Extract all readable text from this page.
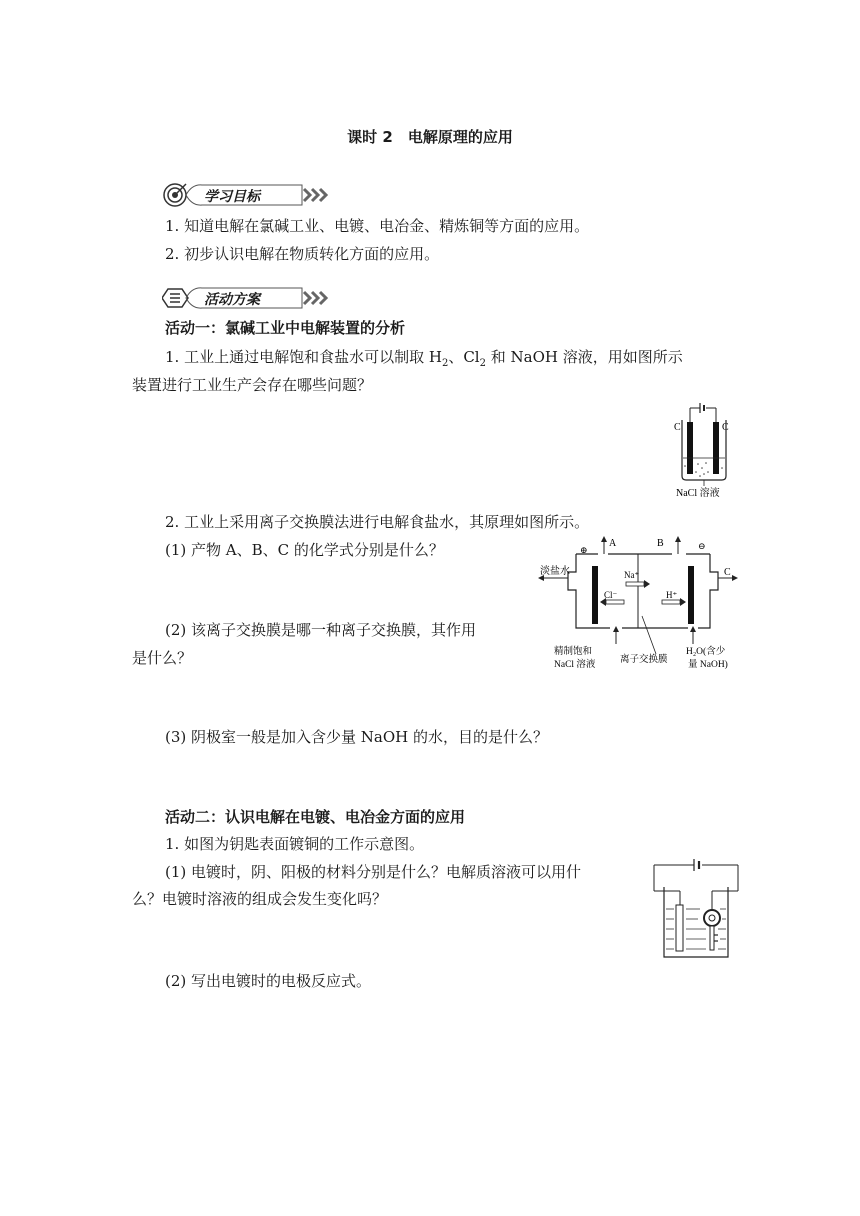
课时 2　电解原理的应用
学习目标
1. 知道电解在氯碱工业、电镀、电冶金、精炼铜等方面的应用。
2. 初步认识电解在物质转化方面的应用。
活动方案
活动一：氯碱工业中电解装置的分析
1. 工业上通过电解饱和食盐水可以制取 $H_2$、$Cl_2$ 和 NaOH 溶液，用如图所示
装置进行工业生产会存在哪些问题？
C	C
NaCl 溶液
2. 工业上采用离子交换膜法进行电解食盐水，其原理如图所示。
(1) 产物 A、B、C 的化学式分别是什么？	⊕	⊖
A	B
C
淡盐水	Na⁺
Cl⁻	H⁺
精制饱和
NaCl 溶液	离子交换膜
H₂O(含少
量 NaOH)
(2) 该离子交换膜是哪一种离子交换膜，其作用
是什么？
(3) 阴极室一般是加入含少量 NaOH 的水，目的是什么？
活动二：认识电解在电镀、电冶金方面的应用
1. 如图为钥匙表面镀铜的工作示意图。
(1) 电镀时，阴、阳极的材料分别是什么？电解质溶液可以用什
么？电镀时溶液的组成会发生变化吗？
(2) 写出电镀时的电极反应式。
